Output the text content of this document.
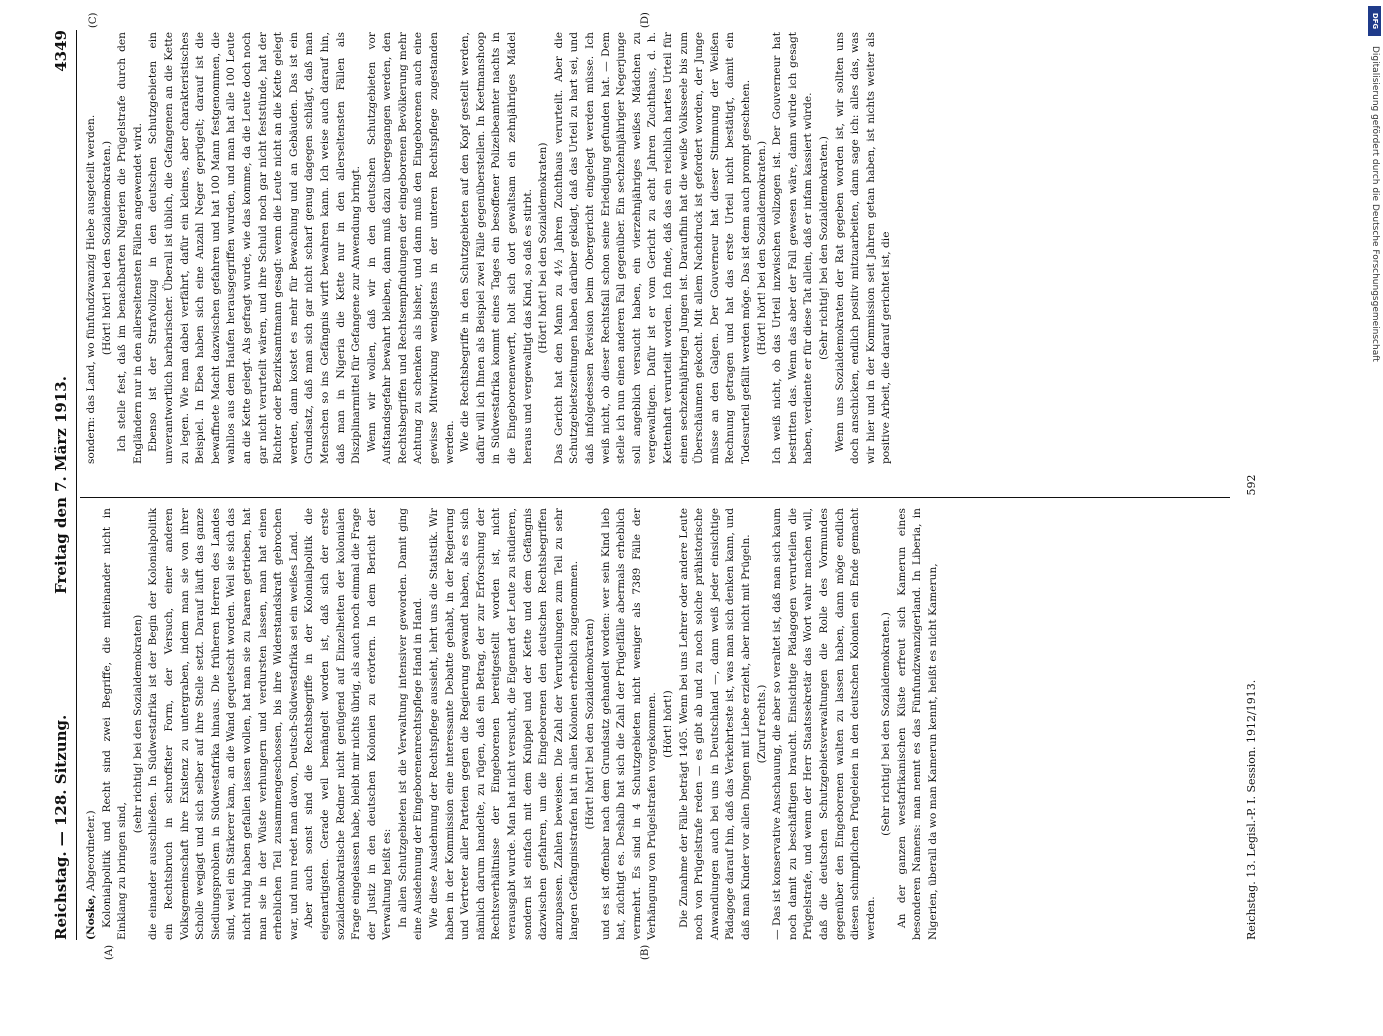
Reichstag. — 128. Sitzung.
Freitag den 7. März 1913.
4349
(A)	(B)
(C)	(D)

(Noske, Abgeordneter.) Kolonialpolitik und Recht sind zwei Begriffe, die miteinander nicht in Einklang zu bringen sind,

(sehr richtig! bei den Sozialdemokraten) die einander ausschließen. In Südwestafrika ist der Begin der Kolonialpolitik ein Rechtsbruch in schroffster Form, der Versuch, einer anderen Volksgemeinschaft ihre Existenz zu untergraben, indem man sie von ihrer Scholle wegjagt und sich selber auf ihre Stelle setzt. Darauf läuft das ganze Siedlungsproblem in Südwestafrika hinaus. Die früheren Herren des Landes sind, weil ein Stärkerer kam, an die Wand gequetscht worden. Weil sie sich das nicht ruhig haben gefallen lassen wollen, hat man sie zu Paaren getrieben, hat man sie in der Wüste verhungern und verdursten lassen, man hat einen erheblichen Teil zusammengeschossen, bis ihre Widerstandskraft gebrochen war, und nun redet man davon, Deutsch-Südwestafrika sei ein weißes Land. Aber auch sonst sind die Rechtsbegriffe in der Kolonialpolitik die eigenartigsten. Gerade weil bemängelt worden ist, daß sich der erste sozialdemokratische Redner nicht genügend auf Einzelheiten der kolonialen Frage eingelassen habe, bleibt mir nichts übrig, als auch noch einmal die Frage der Justiz in den deutschen Kolonien zu erörtern. In dem Bericht der Verwaltung heißt es: In allen Schutzgebieten ist die Verwaltung intensiver geworden. Damit ging eine Ausdehnung der Eingeborenenrechtspflege Hand in Hand. Wie diese Ausdehnung der Rechtspflege aussieht, lehrt uns die Statistik. Wir haben in der Kommission eine interessante Debatte gehabt, in der Regierung und Vertreter aller Parteien gegen die Regierung gewandt haben, als es sich nämlich darum handelte, zu rügen, daß ein Betrag, der zur Erforschung der Rechtsverhältnisse der Eingeborenen bereitgestellt worden ist, nicht verausgabt wurde. Man hat nicht versucht, die Eigenart der Leute zu studieren, sondern ist einfach mit dem Knüppel und der Kette und dem Gefängnis dazwischen gefahren, um die Eingeborenen den deutschen Rechtsbegriffen anzupassen. Zahlen beweisen. Die Zahl der Verurteilungen zum Teil zu sehr langen Gefängnisstrafen hat in allen Kolonien erheblich zugenommen. (Hört! hört! bei den Sozialdemokraten) und es ist offenbar nach dem Grundsatz gehandelt worden: wer sein Kind lieb hat, züchtigt es. Deshalb hat sich die Zahl der Prügelfälle abermals erheblich vermehrt. Es sind in 4 Schutzgebieten nicht weniger als 7389 Fälle der Verhängung von Prügelstrafen vorgekommen. (Hört! hört!) Die Zunahme der Fälle beträgt 1405. Wenn bei uns Lehrer oder andere Leute noch von Prügelstrafe reden — es gibt ab und zu noch solche prähistorische Anwandlungen auch bei uns in Deutschland —, dann weiß jeder einsichtige Pädagoge darauf hin, daß das Verkehrteste ist, was man sich denken kann, und daß man Kinder vor allen Dingen mit Liebe erzieht, aber nicht mit Prügeln. (Zuruf rechts.) — Das ist konservative Anschauung, die aber so veraltet ist, daß man sich kaum noch damit zu beschäftigen braucht. Einsichtige Pädagogen verurteilen die Prügelstrafe, und wenn der Herr Staatssekretär das Wort wahr machen will, daß die deutschen Schutzgebietsverwaltungen die Rolle des Vormundes gegenüber den Eingeborenen walten zu lassen haben, dann möge endlich diesen schimpflichen Prügeleien in den deutschen Kolonien ein Ende gemacht werden.

(Sehr richtig! bei den Sozialdemokraten.) An der ganzen westafrikanischen Küste erfreut sich Kamerun eines besonderen Namens: man nennt es das Fünfundzwanzigerland. In Liberia, in Nigerien, überall da wo man Kamerun kennt, heißt es nicht Kamerun,

sondern: das Land, wo fünfundzwanzig Hiebe ausgeteilt werden. (Hört! hört! bei den Sozialdemokraten.) Ich stelle fest, daß im benachbarten Nigerien die Prügelstrafe durch den Engländern nur in den allerseltensten Fällen angewendet wird. Ebenso ist der Strafvollzug in den deutschen Schutzgebieten ein unverantwortlich barbarischer. Überall ist üblich, die Gefangenen an die Kette zu legen. Wie man dabei verfährt, dafür ein kleines, aber charakteristisches Beispiel. In Ebea haben sich eine Anzahl Neger geprügelt; darauf ist die bewaffnete Macht dazwischen gefahren und hat 100 Mann festgenommen, die wahllos aus dem Haufen herausgegriffen wurden, und man hat alle 100 Leute an die Kette gelegt. Als gefragt wurde, wie das komme, da die Leute doch noch gar nicht verurteilt wären, und ihre Schuld noch gar nicht feststünde, hat der Richter oder Bezirksamtmann gesagt: wenn die Leute nicht an die Kette gelegt werden, dann kostet es mehr für Bewachung und an Gebäuden. Das ist ein Grundsatz, daß man sich gar nicht scharf genug dagegen schlägt, daß man Menschen so ins Gefängnis wirft bewahren kann. Ich weise auch darauf hin, daß man in Nigeria die Kette nur in den allerseltensten Fällen als Disziplinarmittel für Gefangene zur Anwendung bringt. Wenn wir wollen, daß wir in den deutschen Schutzgebieten vor Aufstandsgefahr bewahrt bleiben, dann muß dazu übergegangen werden, den Rechtsbegriffen und Rechtsempfindungen der eingeborenen Bevölkerung mehr Achtung zu schenken als bisher, und dann muß den Eingeborenen auch eine gewisse Mitwirkung wenigstens in der unteren Rechtspflege zugestanden werden. Wie die Rechtsbegriffe in den Schutzgebieten auf den Kopf gestellt werden, dafür will ich Ihnen als Beispiel zwei Fälle gegenüberstellen. In Keetmanshoop in Südwestafrika kommt eines Tages ein besoffener Polizeibeamter nachts in die Eingeborenenwerft, holt sich dort gewaltsam ein zehnjähriges Mädel heraus und vergewaltigt das Kind, so daß es stirbt. (Hört! hört! bei den Sozialdemokraten) Das Gericht hat den Mann zu 4½ Jahren Zuchthaus verurteilt. Aber die Schutzgebietszeitungen haben darüber geklagt, daß das Urteil zu hart sei, und daß infolgedessen Revision beim Obergericht eingelegt werden müsse. Ich weiß nicht, ob dieser Rechtsfall schon seine Erledigung gefunden hat. — Dem stelle ich nun einen anderen Fall gegenüber. Ein sechzehnjähriger Negerjunge soll angeblich versucht haben, ein vierzehnjähriges weißes Mädchen zu vergewaltigen. Dafür ist er vom Gericht zu acht Jahren Zuchthaus, d. h. Kettenhaft verurteilt worden. Ich finde, daß das ein reichlich hartes Urteil für einen sechzehnjährigen Jungen ist. Daraufhin hat die weiße Volksseele bis zum Überschäumen gekocht. Mit allem Nachdruck ist gefordert worden, der Junge müsse an den Galgen. Der Gouverneur hat dieser Stimmung der Weißen Rechnung getragen und hat das erste Urteil nicht bestätigt, damit ein Todesurteil gefällt werden möge. Das ist denn auch prompt geschehen. (Hört! hört! bei den Sozialdemokraten.) Ich weiß nicht, ob das Urteil inzwischen vollzogen ist. Der Gouverneur hat bestritten das. Wenn das aber der Fall gewesen wäre, dann würde ich gesagt haben, verdiente er für diese Tat allein, daß er infam kassiert würde. (Sehr richtig! bei den Sozialdemokraten.) Wenn uns Sozialdemokraten der Rat gegeben worden ist, wir sollten uns doch anschicken, endlich positiv mitzuarbeiten, dann sage ich: alles das, was wir hier und in der Kommission seit Jahren getan haben, ist nichts weiter als positive Arbeit, die darauf gerichtet ist, die

Reichstag. 13. Legisl.-P. I. Session. 1912/1913.
592
DFG
Digitalisierung gefördert durch die Deutsche Forschungsgemeinschaft
